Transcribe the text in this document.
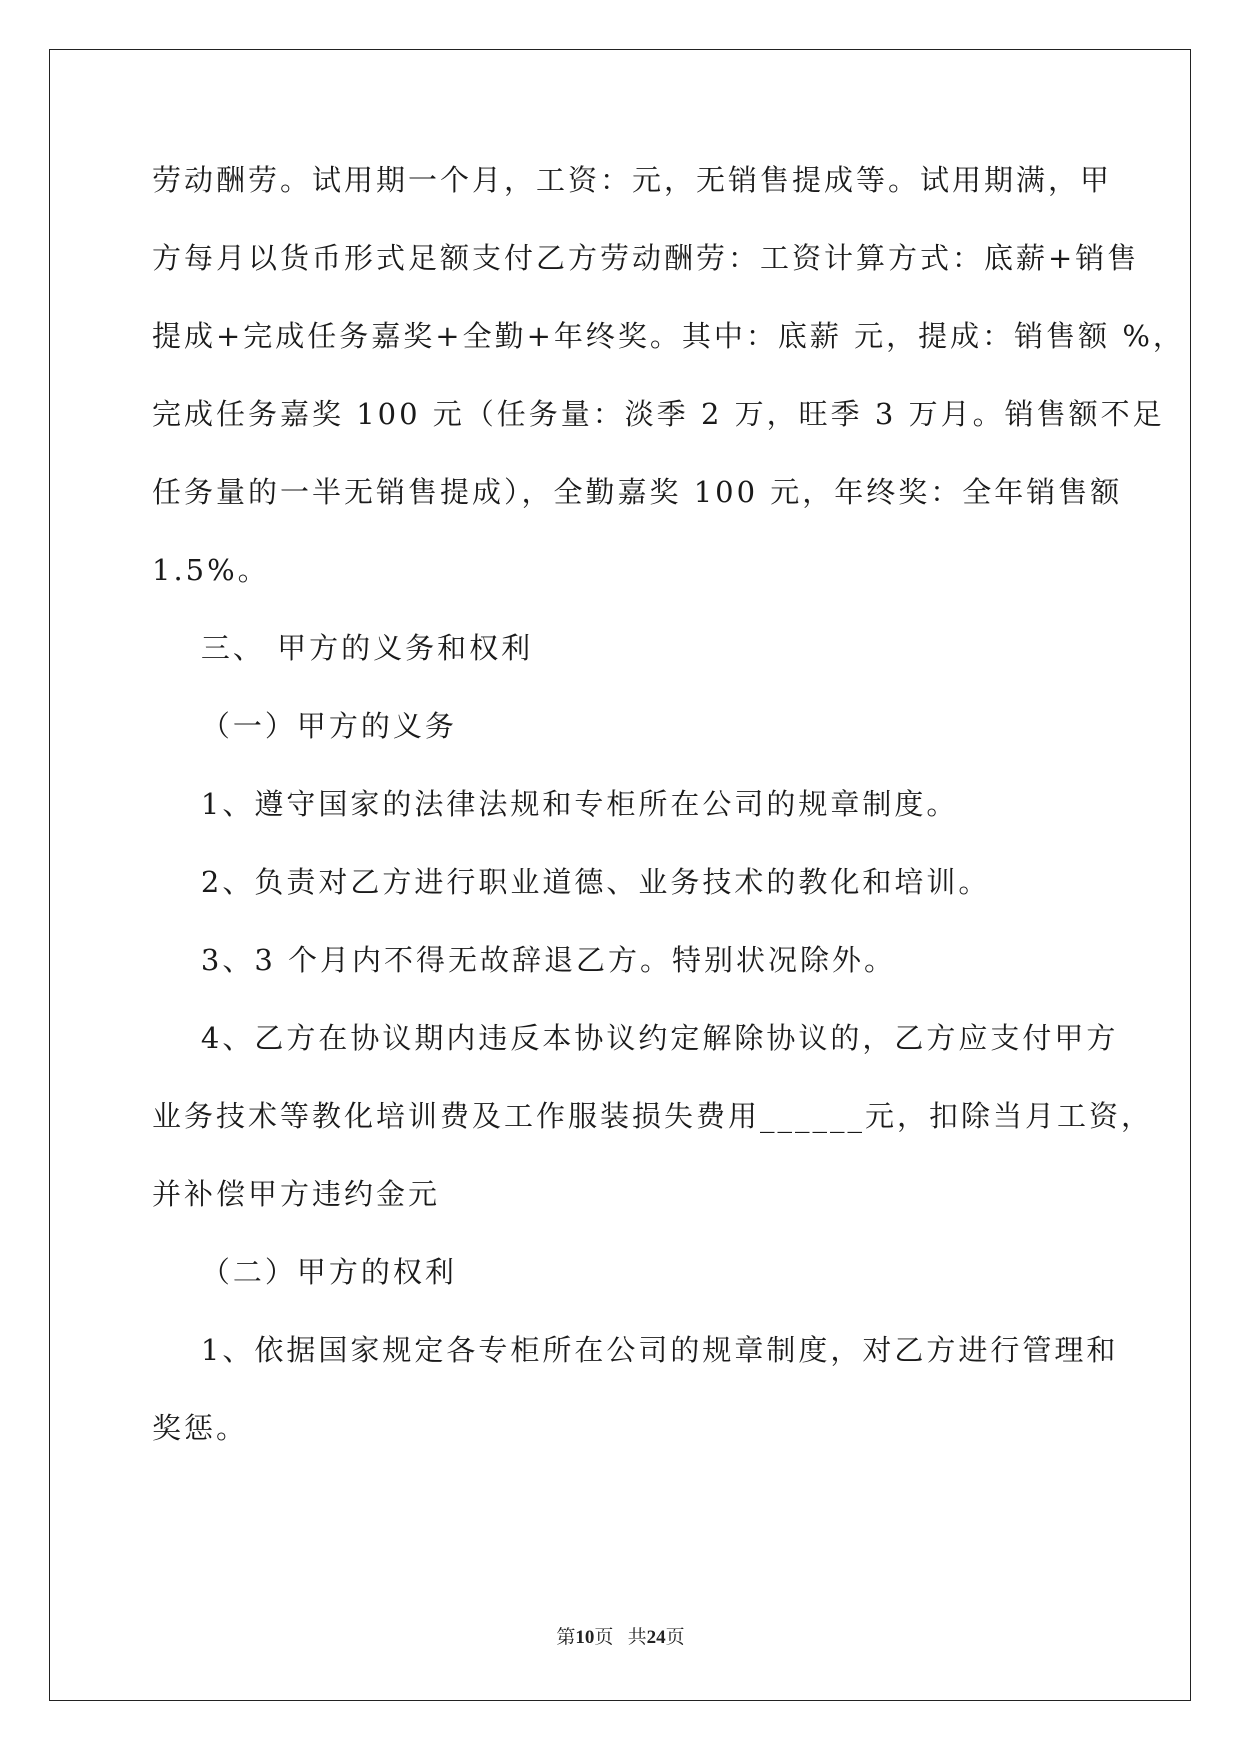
劳动酬劳。试用期一个月，工资：元，无销售提成等。试用期满，甲
方每月以货币形式足额支付乙方劳动酬劳：工资计算方式：底薪+销售
提成+完成任务嘉奖+全勤+年终奖。其中：底薪 元，提成：销售额 %，
完成任务嘉奖 100 元（任务量：淡季 2 万，旺季 3 万月。销售额不足
任务量的一半无销售提成），全勤嘉奖 100 元，年终奖：全年销售额
1.5%。
三、 甲方的义务和权利
（一）甲方的义务
1、遵守国家的法律法规和专柜所在公司的规章制度。
2、负责对乙方进行职业道德、业务技术的教化和培训。
3、3 个月内不得无故辞退乙方。特别状况除外。
4、乙方在协议期内违反本协议约定解除协议的，乙方应支付甲方
业务技术等教化培训费及工作服装损失费用______元，扣除当月工资，
并补偿甲方违约金元
（二）甲方的权利
1、依据国家规定各专柜所在公司的规章制度，对乙方进行管理和
奖惩。
第10页 共24页
